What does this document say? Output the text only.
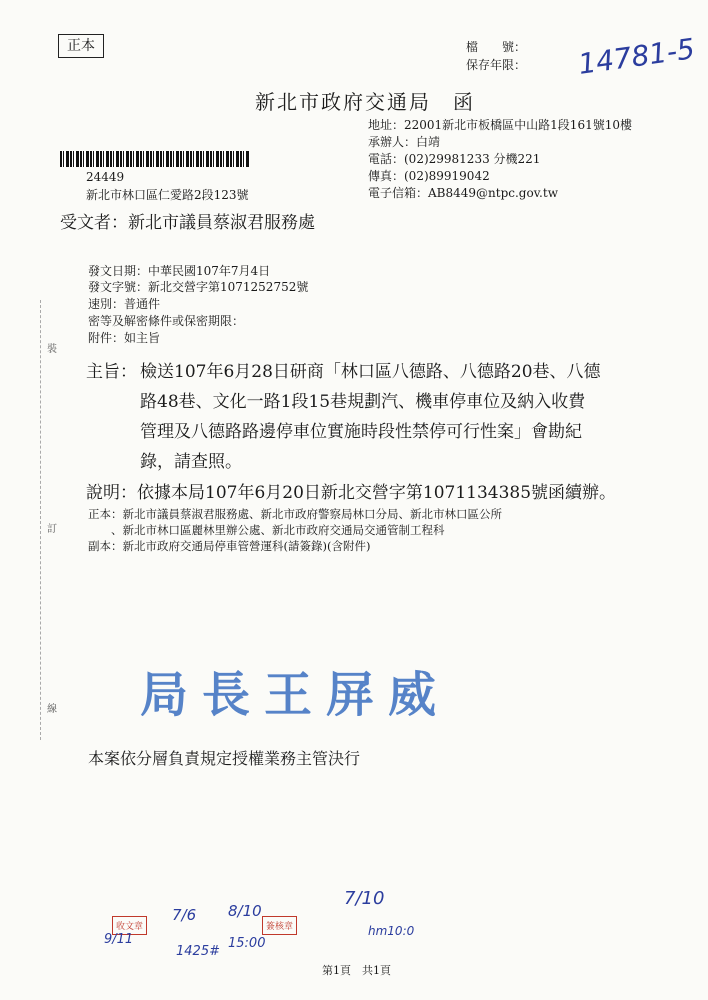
正本	檔　　號：
保存年限： 14781-5
新北市政府交通局　函
地址：22001新北市板橋區中山路1段161號10樓
承辦人：白靖
電話：(02)29981233 分機221
傳真：(02)89919042
電子信箱：AB8449@ntpc.gov.tw
24449
新北市林口區仁愛路2段123號
受文者：新北市議員蔡淑君服務處
發文日期：中華民國107年7月4日
發文字號：新北交營字第1071252752號
速別：普通件
密等及解密條件或保密期限：
附件：如主旨
裝
訂
線
主旨： 檢送107年6月28日研商「林口區八德路、八德路20巷、八德
路48巷、文化一路1段15巷規劃汽、機車停車位及納入收費
管理及八德路路邊停車位實施時段性禁停可行性案」會勘紀
錄，請查照。
說明：依據本局107年6月20日新北交營字第1071134385號函續辦。
正本：新北市議員蔡淑君服務處、新北市政府警察局林口分局、新北市林口區公所
　　、新北市林口區麗林里辦公處、新北市政府交通局交通管制工程科
副本：新北市政府交通局停車管營運科(請簽錄)(含附件)
局長王屏威
本案依分層負責規定授權業務主管決行
收文章	簽核章
9/11
7/6 8/10
1425#
15:00
7/10
hm10:0
第1頁　共1頁
